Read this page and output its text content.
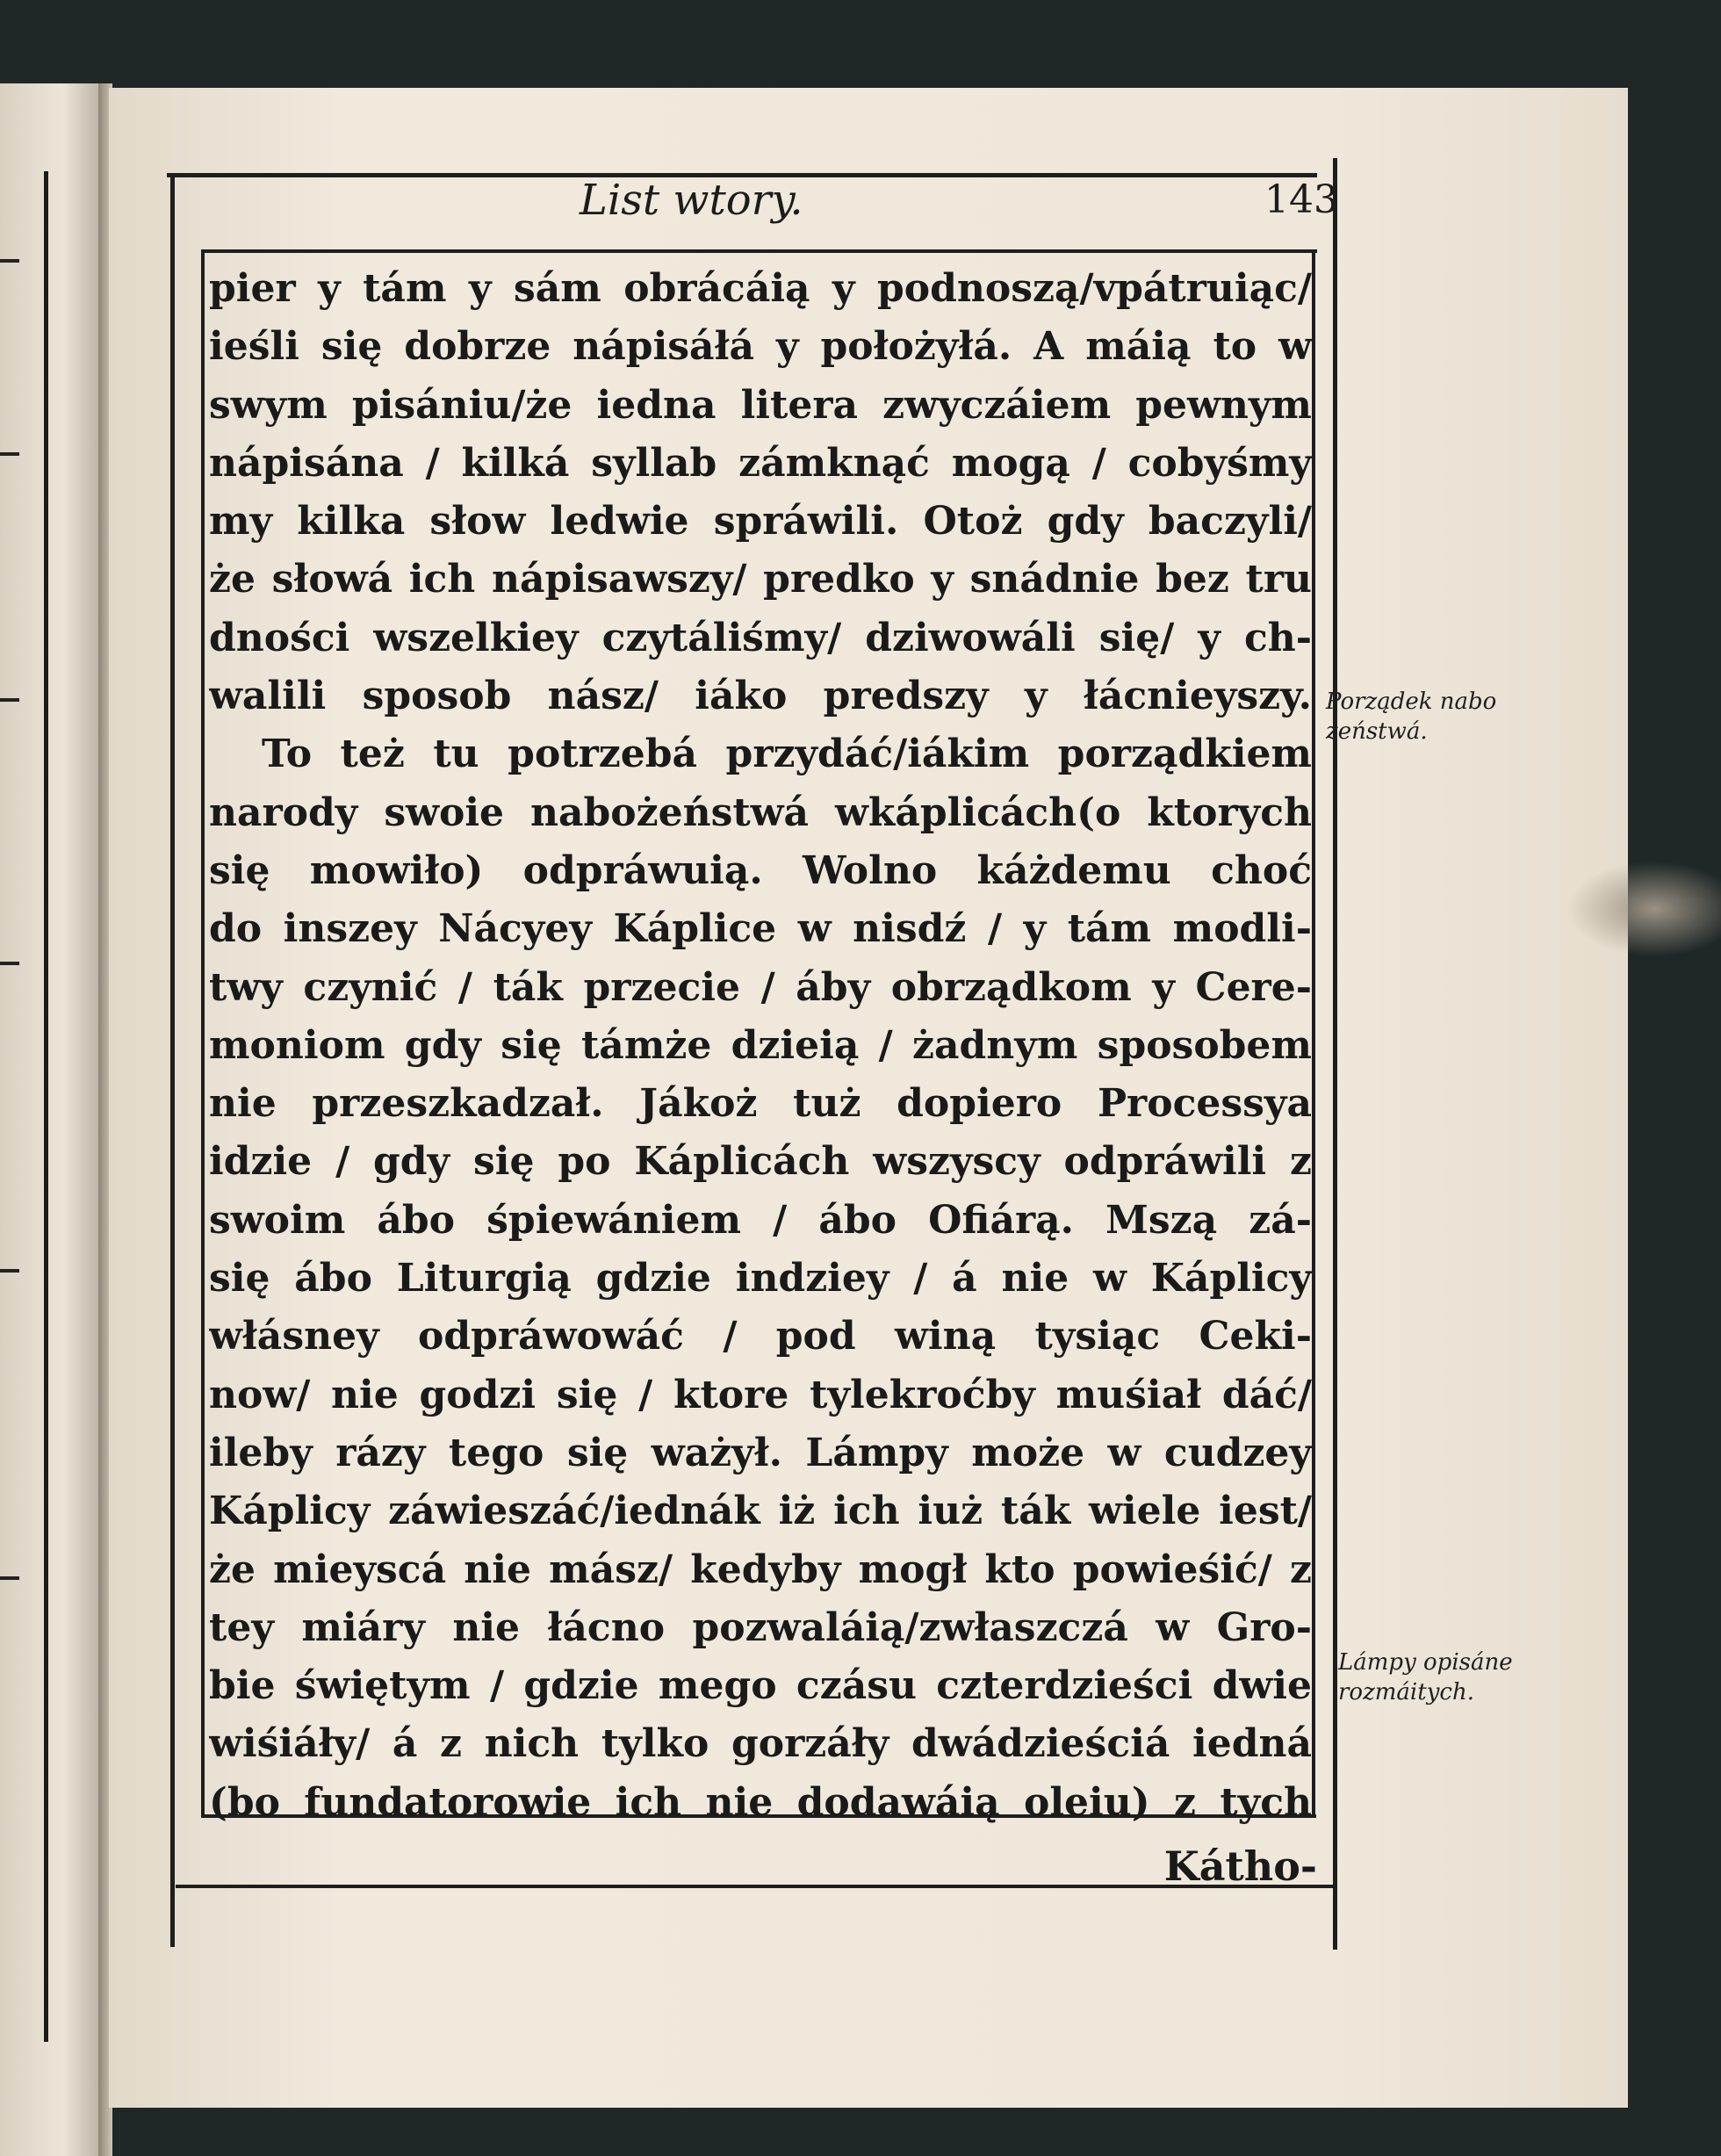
List wtory.	143
pier y tám y sám obrácáią y podnoszą/vpátruiąc/
ieśli się dobrze nápisáłá y położyłá. A máią to w
swym pisániu/że iedna litera zwyczáiem pewnym
nápisána / kilká syllab zámknąć mogą / cobyśmy
my kilka słow ledwie spráwili. Otoż gdy baczyli/
że słowá ich nápisawszy/ predko y snádnie bez tru
dności wszelkiey czytáliśmy/ dziwowáli się/ y ch-
walili sposob nász/ iáko predszy y łácnieyszy.
To też tu potrzebá przydáć/iákim porządkiem
narody swoie nabożeństwá wkáplicách(o ktorych
się mowiło) odpráwuią. Wolno káżdemu choć
do inszey Nácyey Káplice w nisdź / y tám modli-
twy czynić / ták przecie / áby obrządkom y Cere-
moniom gdy się támże dzieią / żadnym sposobem
nie przeszkadzał. Jákoż tuż dopiero Processya
idzie / gdy się po Káplicách wszyscy odpráwili z
swoim ábo śpiewániem / ábo Ofiárą. Mszą zá-
się ábo Liturgią gdzie indziey / á nie w Káplicy
włásney odpráwowáć / pod winą tysiąc Ceki-
now/ nie godzi się / ktore tylekroćby muśiał dáć/
ileby rázy tego się ważył. Lámpy może w cudzey
Káplicy záwieszáć/iednák iż ich iuż ták wiele iest/
że mieyscá nie mász/ kedyby mogł kto powieśić/ z
tey miáry nie łácno pozwaláią/zwłaszczá w Gro-
bie świętym / gdzie mego czásu czterdzieści dwie
wiśiáły/ á z nich tylko gorzáły dwádzieściá iedná
(bo fundatorowie ich nie dodawáią oleiu) z tych
Kátho-
Porządek nabo
żeństwá.
Lámpy opisáne
rozmáitych.
